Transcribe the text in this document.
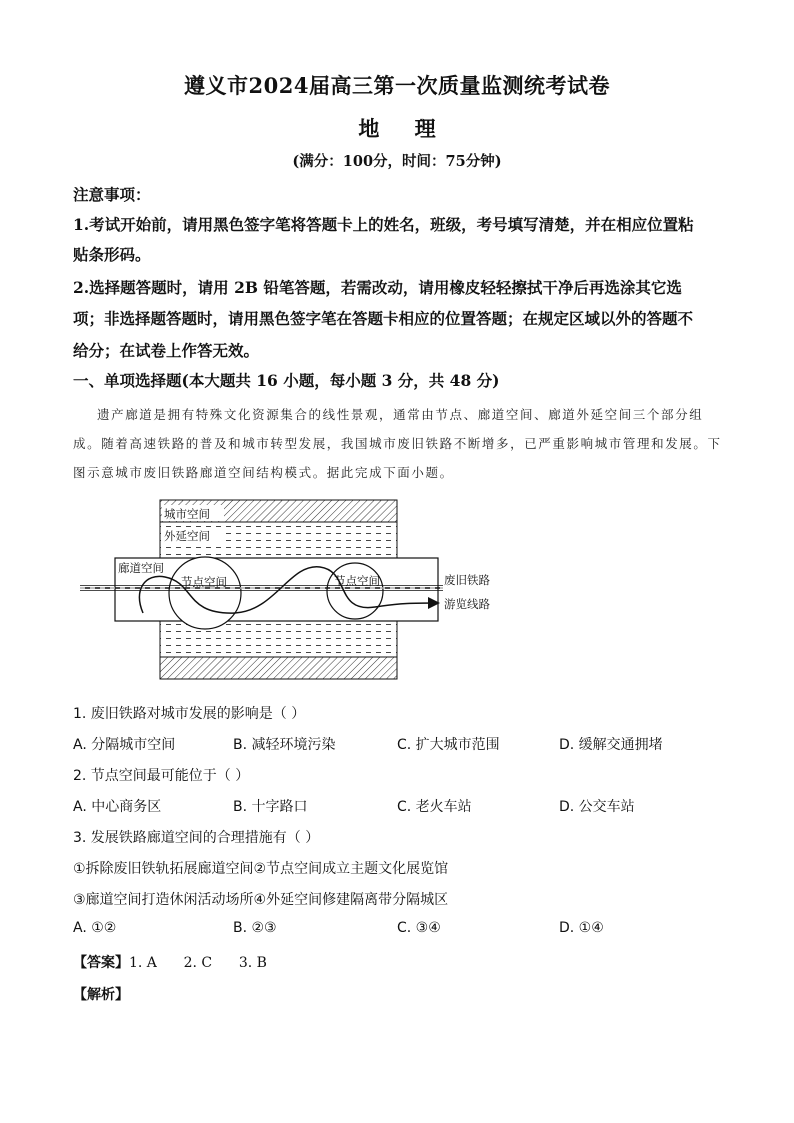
遵义市2024届高三第一次质量监测统考试卷
地 理
(满分：100分，时间：75分钟)
注意事项：
1.考试开始前，请用黑色签字笔将答题卡上的姓名，班级，考号填写清楚，并在相应位置粘
贴条形码。
2.选择题答题时，请用 2B 铅笔答题，若需改动，请用橡皮轻轻擦拭干净后再选涂其它选
项；非选择题答题时，请用黑色签字笔在答题卡相应的位置答题；在规定区域以外的答题不
给分；在试卷上作答无效。
一、单项选择题(本大题共 16 小题，每小题 3 分，共 48 分)
遗产廊道是拥有特殊文化资源集合的线性景观，通常由节点、廊道空间、廊道外延空间三个部分组
成。随着高速铁路的普及和城市转型发展，我国城市废旧铁路不断增多，已严重影响城市管理和发展。下
图示意城市废旧铁路廊道空间结构模式。据此完成下面小题。
城市空间
外延空间
廊道空间
节点空间	节点空间	废旧铁路
游览线路
1. 废旧铁路对城市发展的影响是（ ）
A. 分隔城市空间	B. 减轻环境污染	C. 扩大城市范围	D. 缓解交通拥堵
2. 节点空间最可能位于（ ）
A. 中心商务区	B. 十字路口	C. 老火车站	D. 公交车站
3. 发展铁路廊道空间的合理措施有（ ）
①拆除废旧铁轨拓展廊道空间②节点空间成立主题文化展览馆
③廊道空间打造休闲活动场所④外延空间修建隔离带分隔城区
A. ①②	B. ②③	C. ③④	D. ①④
【答案】1. A      2. C      3. B
【解析】
